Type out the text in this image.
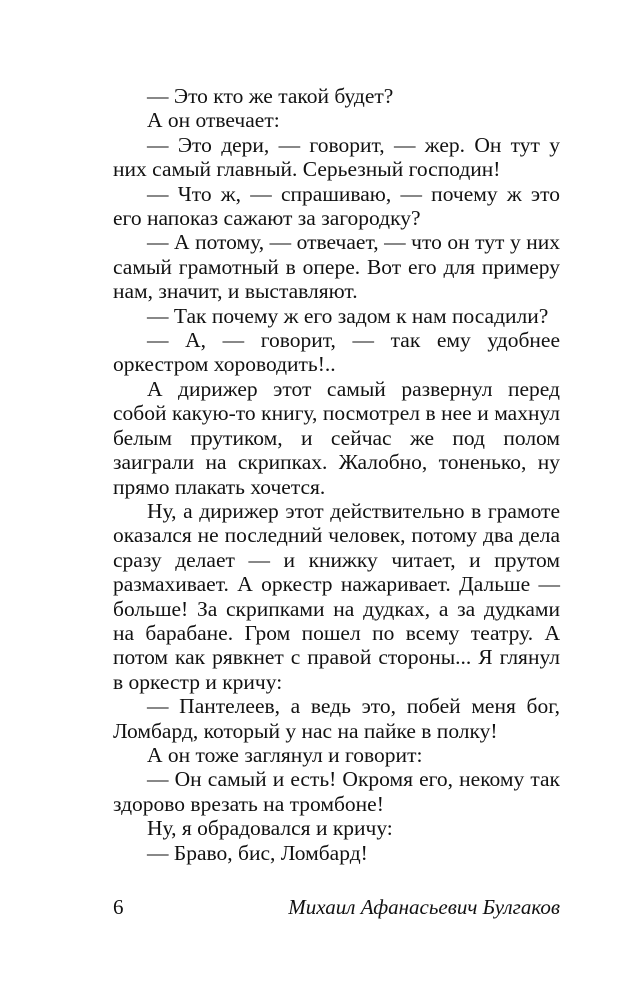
— Это кто же такой будет?

А он отвечает:

— Это дери, — говорит, — жер. Он тут у них самый главный. Серьезный господин!

— Что ж, — спрашиваю, — почему ж это его напоказ сажают за загородку?

— А потому, — отвечает, — что он тут у них самый грамотный в опере. Вот его для примеру нам, значит, и выставляют.

— Так почему ж его задом к нам посадили?

— А, — говорит, — так ему удобнее оркестром хороводить!..

А дирижер этот самый развернул перед собой какую-то книгу, посмотрел в нее и махнул белым прутиком, и сейчас же под полом заиграли на скрипках. Жалобно, тоненько, ну прямо плакать хочется.

Ну, а дирижер этот действительно в грамоте оказался не последний человек, потому два дела сразу делает — и книжку читает, и прутом размахивает. А оркестр нажаривает. Дальше — больше! За скрипками на дудках, а за дудками на барабане. Гром пошел по всему театру. А потом как рявкнет с правой стороны... Я глянул в оркестр и кричу:

— Пантелеев, а ведь это, побей меня бог, Ломбард, который у нас на пайке в полку!

А он тоже заглянул и говорит:

— Он самый и есть! Окромя его, некому так здорово врезать на тромбоне!

Ну, я обрадовался и кричу:

— Браво, бис, Ломбард!

6	Михаил Афанасьевич Булгаков
